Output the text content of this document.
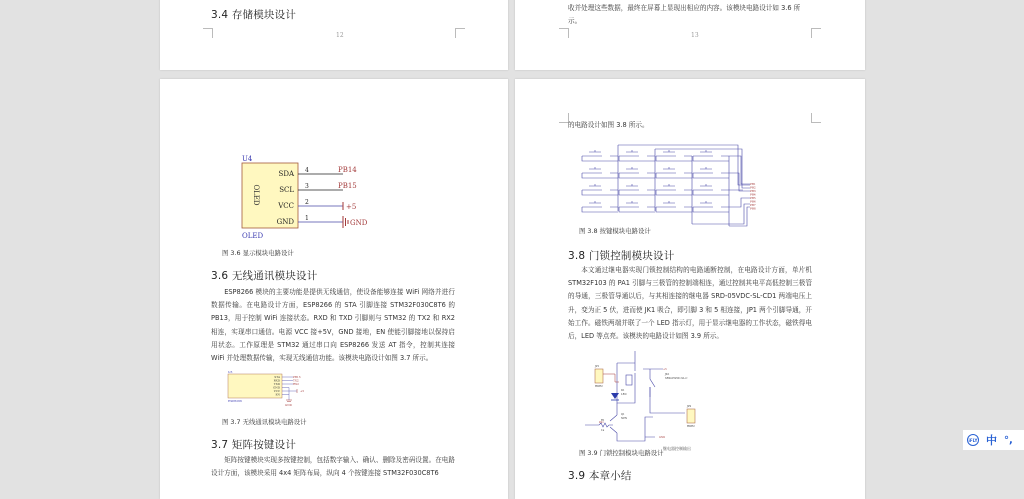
3.4 存储模块设计
12
收并处理这些数据，最终在屏幕上显现出相应的内容。该模块电路设计如 3.6 所
示。
13
U4
OLED
SDA
SCL
VCC
GND
4
3
2
1
PB14
PB15
+5
GND
OLED
图 3.6 显示模块电路设计
3.6 无线通讯模块设计

ESP8266 模块的主要功能是提供无线通信，使设备能够连接 WiFi 网络并进行数据传输。在电路设计方面，ESP8266 的 STA 引脚连接 STM32F030C8T6 的 PB13，用于控制 WiFi 连接状态。RXD 和 TXD 引脚则与 STM32 的 TX2 和 RX2 相连，实现串口通信。电源 VCC 接+5V，GND 接地，EN 使能引脚接地以保持启用状态。工作原理是 STM32 通过串口向 ESP8266 发送 AT 指令，控制其连接 WiFi 并处理数据传输，实现无线通信功能。该模块电路设计如图 3.7 所示。

U3
STA
RXD
TXD
GND
VCC
EN
PB13
TX2
RX2
+5
GND
ESP8266
图 3.7 无线通讯模块电路设计
3.7 矩阵按键设计

矩阵按键模块实现多按键控制，包括数字输入、确认、删除及密码设置。在电路设计方面，该模块采用 4x4 矩阵布局，纵向 4 个按键连接 STM32F030C8T6

的电路设计如图 3.8 所示。
PB1
PB2
PB3
PB4
PB5
PB6
PB7
PB8
图 3.8 按键模块电路设计
3.8 门锁控制模块设计

本文通过继电器实现门锁控制结构的电路通断控制，在电路设计方面，单片机 STM32F103 的 PA1 引脚与三极管的控制端相连，通过控制其电平高低控制三极管的导通，三极管导通以后，与其相连接的继电器 SRD-05VDC-SL-CD1 两端电压上升，变为正 5 伏，进而使 JK1 吸合，即引脚 3 和 5 相连接，JP1 两个引脚导通，开始工作。磁铁两端并联了一个 LED 指示灯，用于显示继电器的工作状态，磁铁得电后，LED 等点亮。该模块的电路设计如图 3.9 所示。

JP1
HDR2
JP2
HDR2
PA1
R1
1k
Q1
NPN
D1
LED
JK1
SRD-05VDC-SL-C
+5
GND
继电器控制输出
图 3.9 门锁控制模块电路设计
3.9 本章小结
iFLY 中 °,
